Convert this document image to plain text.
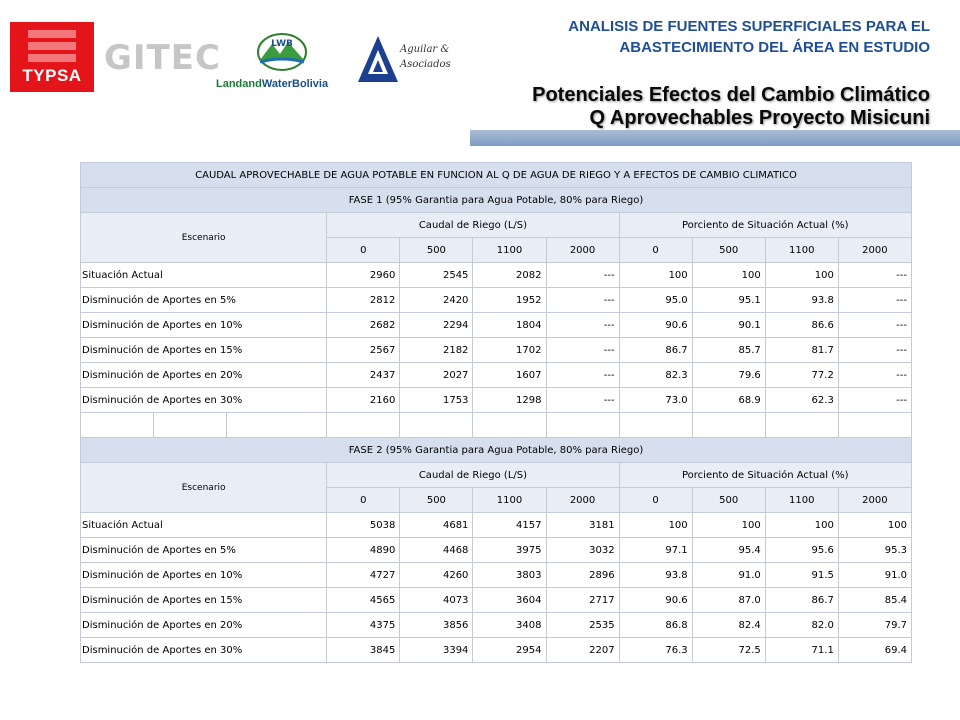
TYPSA GITEC	LWB
LandandWaterBolivia
Aguilar &
Asociados
ANALISIS DE FUENTES SUPERFICIALES PARA EL
ABASTECIMIENTO DEL ÁREA EN ESTUDIO
Potenciales Efectos del Cambio Climático
Q Aprovechables Proyecto Misicuni
CAUDAL APROVECHABLE DE AGUA POTABLE EN FUNCION AL Q DE AGUA DE RIEGO Y A EFECTOS DE CAMBIO CLIMATICO										
FASE 1 (95% Garantia para Agua Potable, 80% para Riego)										
Escenario			Caudal de Riego (L/S)				Porciento de Situación Actual (%)			
			0	500	1100	2000	0	500	1100	2000
Situación Actual			2960	2545	2082	---	100	100	100	---
Disminución de Aportes en 5%			2812	2420	1952	---	95.0	95.1	93.8	---
Disminución de Aportes en 10%			2682	2294	1804	---	90.6	90.1	86.6	---
Disminución de Aportes en 15%			2567	2182	1702	---	86.7	85.7	81.7	---
Disminución de Aportes en 20%			2437	2027	1607	---	82.3	79.6	77.2	---
Disminución de Aportes en 30%			2160	1753	1298	---	73.0	68.9	62.3	---

FASE 2 (95% Garantia para Agua Potable, 80% para Riego)										
Escenario			Caudal de Riego (L/S)				Porciento de Situación Actual (%)			
			0	500	1100	2000	0	500	1100	2000
Situación Actual			5038	4681	4157	3181	100	100	100	100
Disminución de Aportes en 5%			4890	4468	3975	3032	97.1	95.4	95.6	95.3
Disminución de Aportes en 10%			4727	4260	3803	2896	93.8	91.0	91.5	91.0
Disminución de Aportes en 15%			4565	4073	3604	2717	90.6	87.0	86.7	85.4
Disminución de Aportes en 20%			4375	3856	3408	2535	86.8	82.4	82.0	79.7
Disminución de Aportes en 30%			3845	3394	2954	2207	76.3	72.5	71.1	69.4
